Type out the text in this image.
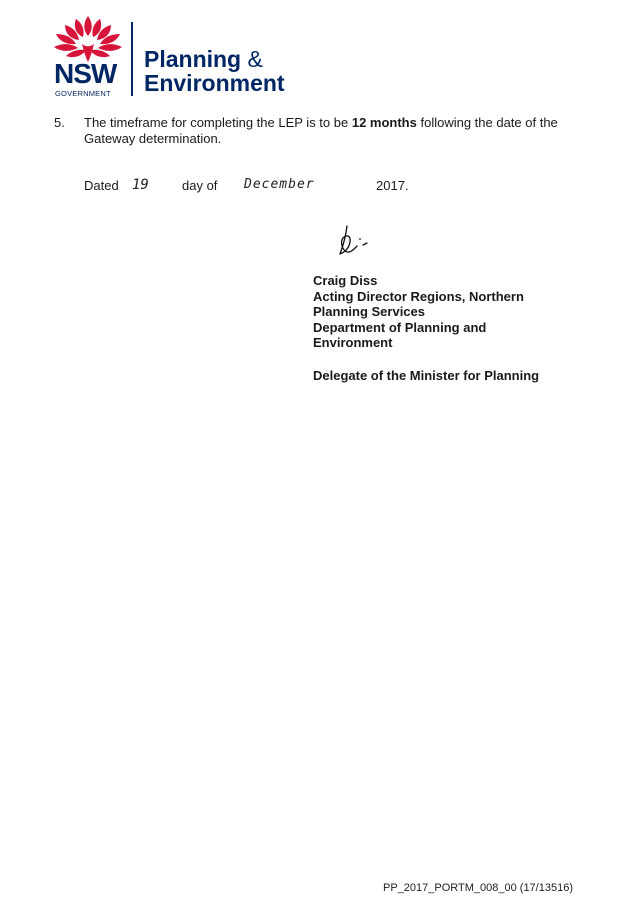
NSW
GOVERNMENT
Planning &
Environment
5. The timeframe for completing the LEP is to be 12 months following the date of the Gateway determination.
Dated 19	day of December	2017.
Craig Diss
Acting Director Regions, Northern
Planning Services
Department of Planning and
Environment
Delegate of the Minister for Planning
PP_2017_PORTM_008_00 (17/13516)
